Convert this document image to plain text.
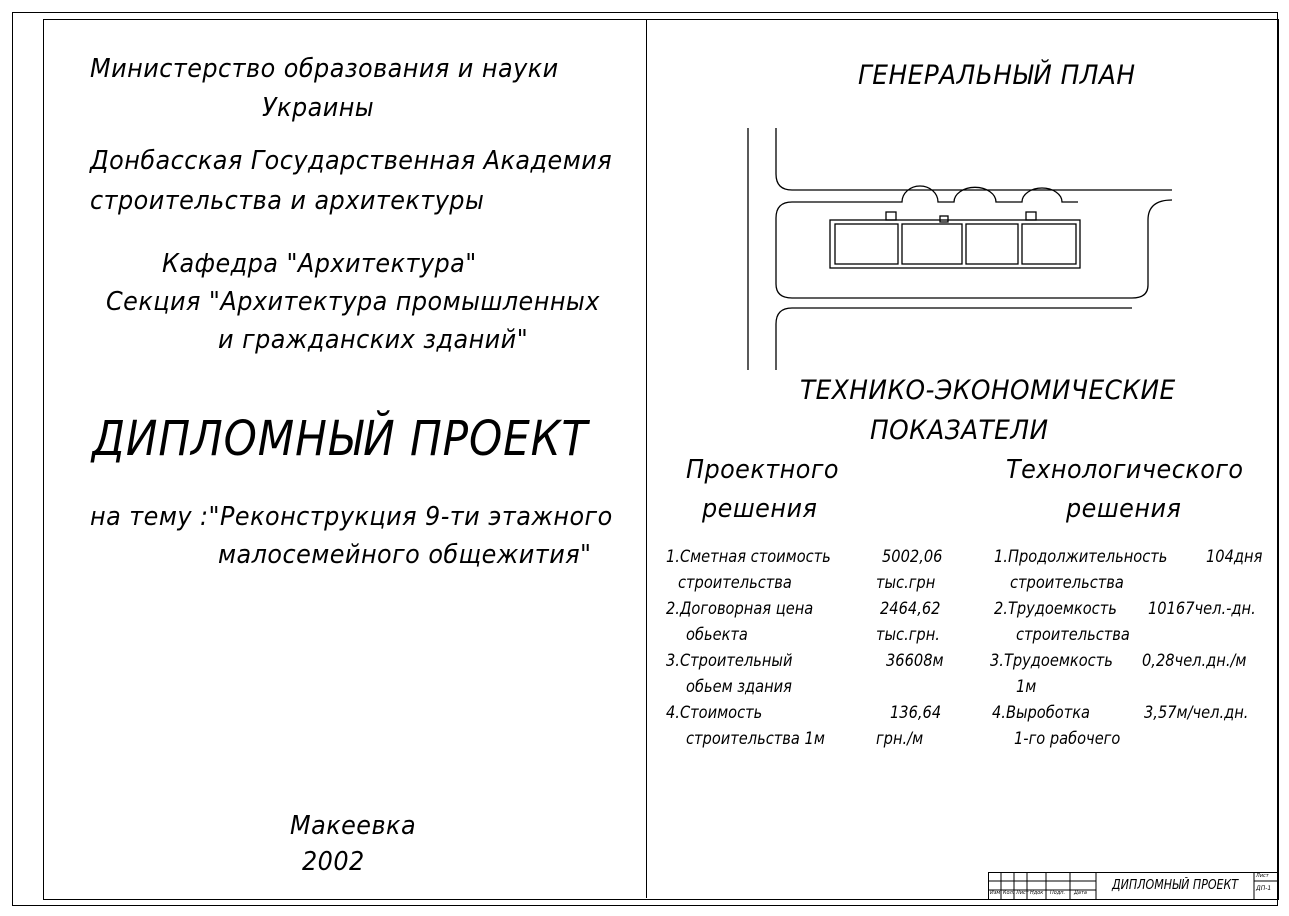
Министерство образования и науки
Украины
Донбасская Государственная Академия
строительства и архитектуры
Кафедра "Архитектура"
Секция "Архитектура промышленных
и гражданских зданий"
ДИПЛОМНЫЙ ПРОЕКТ
на тему :"Реконструкция 9-ти этажного
малосемейного общежития"
Макеевка
2002
ГЕНЕРАЛЬНЫЙ ПЛАН
ТЕХНИКО-ЭКОНОМИЧЕСКИЕ
ПОКАЗАТЕЛИ
Проектного
решения
Технологического
решения
1.Сметная стоимость
строительства
5002,06
тыс.грн
2.Договорная цена
обьекта
2464,62
тыс.грн.
3.Строительный
обьем здания
36608м
4.Стоимость
строительства 1м
136,64
грн./м
1.Продолжительность
строительства
104дня
2.Трудоемкость
строительства
10167чел.-дн.
3.Трудоемкость
1м
0,28чел.дн./м
4.Выроботка
1-го рабочего
3,57м/чел.дн.
Изм Кол. Лист Ндок Подп. Дата ДИПЛОМНЫЙ ПРОЕКТ
Лист
ДП-1
